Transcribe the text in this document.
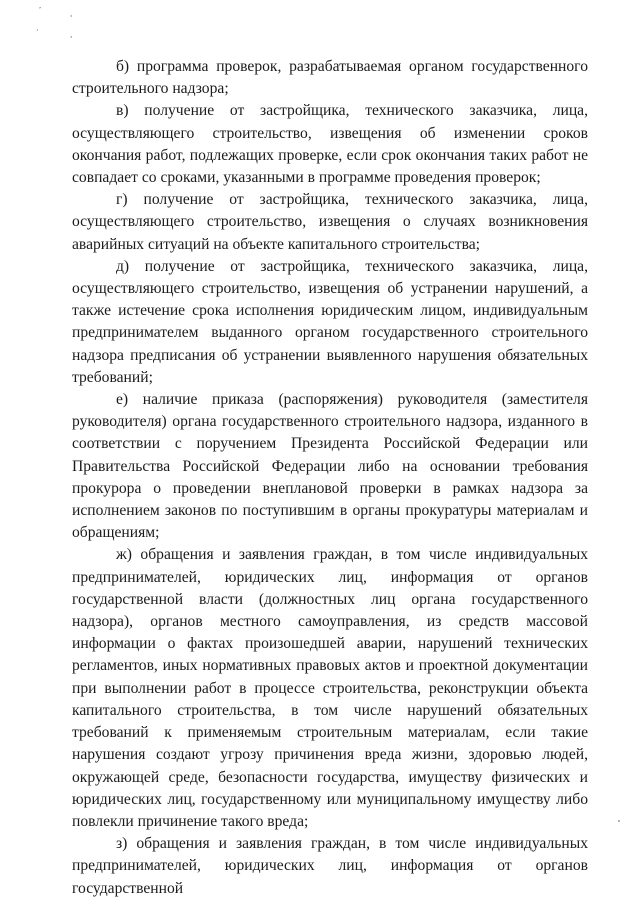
᾽
·
ˈ
ˌ

б) программа проверок, разрабатываемая органом государственного строительного надзора;

в) получение от застройщика, технического заказчика, лица, осуществляющего строительство, извещения об изменении сроков окончания работ, подлежащих проверке, если срок окончания таких работ не совпадает со сроками, указанными в программе проведения проверок;

г) получение от застройщика, технического заказчика, лица, осуществляющего строительство, извещения о случаях возникновения аварийных ситуаций на объекте капитального строительства;

д) получение от застройщика, технического заказчика, лица, осуществляющего строительство, извещения об устранении нарушений, а также истечение срока исполнения юридическим лицом, индивидуальным предпринимателем выданного органом государственного строительного надзора предписания об устранении выявленного нарушения обязательных требований;

е) наличие приказа (распоряжения) руководителя (заместителя руководителя) органа государственного строительного надзора, изданного в соответствии с поручением Президента Российской Федерации или Правительства Российской Федерации либо на основании требования прокурора о проведении внеплановой проверки в рамках надзора за исполнением законов по поступившим в органы прокуратуры материалам и обращениям;

ж) обращения и заявления граждан, в том числе индивидуальных предпринимателей, юридических лиц, информация от органов государственной власти (должностных лиц органа государственного надзора), органов местного самоуправления, из средств массовой информации о фактах произошедшей аварии, нарушений технических регламентов, иных нормативных правовых актов и проектной документации при выполнении работ в процессе строительства, реконструкции объекта капитального строительства, в том числе нарушений обязательных требований к применяемым строительным материалам, если такие нарушения создают угрозу причинения вреда жизни, здоровью людей, окружающей среде, безопасности государства, имуществу физических и юридических лиц, государственному или муниципальному имуществу либо повлекли причинение такого вреда;

з) обращения и заявления граждан, в том числе индивидуальных предпринимателей, юридических лиц, информация от органов государственной
